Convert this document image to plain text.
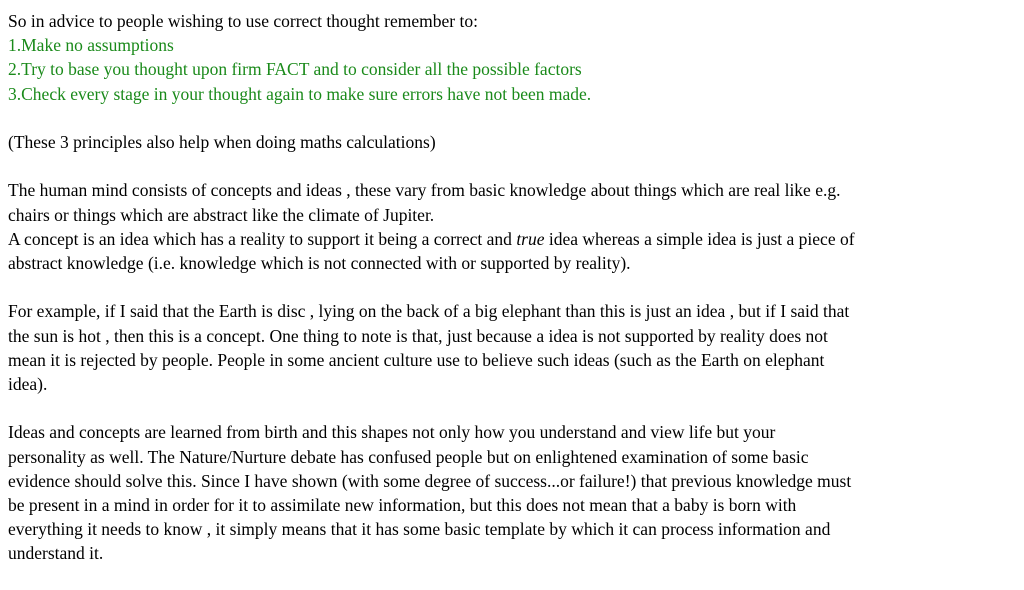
So in advice to people wishing to use correct thought remember to:
1.Make no assumptions
2.Try to base you thought upon firm FACT and to consider all the possible factors
3.Check every stage in your thought again to make sure errors have not been made.
(These 3 principles also help when doing maths calculations)

The human mind consists of concepts and ideas , these vary from basic knowledge about things which are real like e.g.
chairs or things which are abstract like the climate of Jupiter.
A concept is an idea which has a reality to support it being a correct and true idea whereas a simple idea is just a piece of
abstract knowledge (i.e. knowledge which is not connected with or supported by reality).

For example, if I said that the Earth is disc , lying on the back of a big elephant than this is just an idea , but if I said that
the sun is hot , then this is a concept. One thing to note is that, just because a idea is not supported by reality does not
mean it is rejected by people. People in some ancient culture use to believe such ideas (such as the Earth on elephant
idea).

Ideas and concepts are learned from birth and this shapes not only how you understand and view life but your
personality as well. The Nature/Nurture debate has confused people but on enlightened examination of some basic
evidence should solve this. Since I have shown (with some degree of success...or failure!) that previous knowledge must
be present in a mind in order for it to assimilate new information, but this does not mean that a baby is born with
everything it needs to know , it simply means that it has some basic template by which it can process information and
understand it.
